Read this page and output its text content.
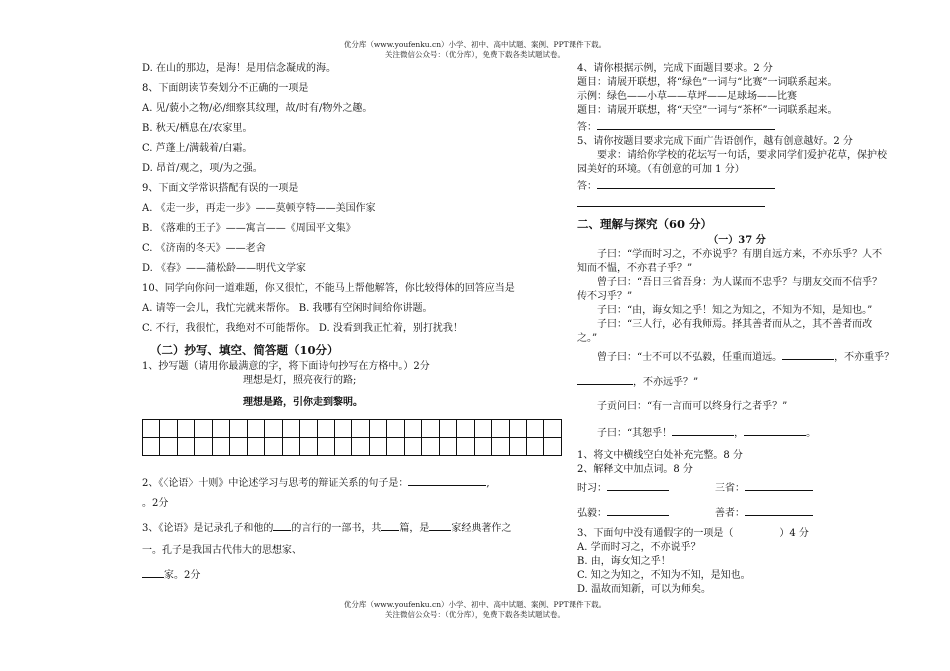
优分库（www.youfenku.cn）小学、初中、高中试题、案例、PPT课件下载。
关注微信公众号：（优分库），免费下载各类试题试卷。
D. 在山的那边，是海！是用信念凝成的海。
8、下面朗读节奏划分不正确的一项是
A. 见/藐小之物/必/细察其纹理，故/时有/物外之趣。
B. 秋天/栖息在/农家里。
C. 芦蓬上/满载着/白霜。
D. 昂首/观之，项/为之强。
9、下面文学常识搭配有误的一项是
A. 《走一步，再走一步》——莫顿亨特——美国作家
B. 《落难的王子》——寓言——《周国平文集》
C. 《济南的冬天》——老舍
D. 《春》——蒲松龄——明代文学家
10、同学向你问一道难题，你又很忙，不能马上帮他解答，你比较得体的回答应当是
A. 请等一会儿，我忙完就来帮你。 B. 我哪有空闲时间给你讲题。
C. 不行，我很忙，我绝对不可能帮你。 D. 没看到我正忙着，别打扰我！
（二）抄写、填空、简答题（10分）
1、抄写题（请用你最满意的字，将下面诗句抄写在方格中。）2分
理想是灯，照亮夜行的路;
理想是路，引你走到黎明。

2、《〈论语〉十则》中论述学习与思考的辩证关系的句子是：	,
。2分
3、《论语》是记录孔子和他的 的言行的一部书，共 篇，是 家经典著作之
一。孔子是我国古代伟大的思想家、
家。2分
4、请你根据示例，完成下面题目要求。2 分
题目：请展开联想，将“绿色”一词与“比赛”一词联系起来。
示例：绿色——小草——草坪——足球场——比赛
题目：请展开联想，将“天空”一词与“茶杯”一词联系起来。
答：
5、请你按题目要求完成下面广告语创作，越有创意越好。2 分
要求：请给你学校的花坛写一句话，要求同学们爱护花草，保护校园美好的环境。（有创意的可加 1 分）
答：
二、理解与探究（60 分）
（一）37 分
子曰：“学而时习之，不亦说乎？有朋自远方来，不亦乐乎？人不知而不愠，不亦君子乎？”
曾子曰：“吾日三省吾身：为人谋而不忠乎？与朋友交而不信乎？传不习乎？”
子曰：“由，诲女知之乎！知之为知之，不知为不知，是知也。”
子曰：“三人行，必有我师焉。择其善者而从之，其不善者而改之。”
曾子曰：“士不可以不弘毅，任重而道远。	，不亦重乎？
，不亦远乎？”
子贡问曰：“有一言而可以终身行之者乎？”
子曰：“其恕乎！	，	。
1、将文中横线空白处补充完整。8 分
2、解释文中加点词。8 分
时习：	三省：
弘毅：	善者：
3、下面句中没有通假字的一项是（	）4 分
A. 学而时习之，不亦说乎？
B. 由，诲女知之乎！
C. 知之为知之，不知为不知，是知也。
D. 温故而知新，可以为师矣。
优分库（www.youfenku.cn）小学、初中、高中试题、案例、PPT课件下载。
关注微信公众号：（优分库），免费下载各类试题试卷。
